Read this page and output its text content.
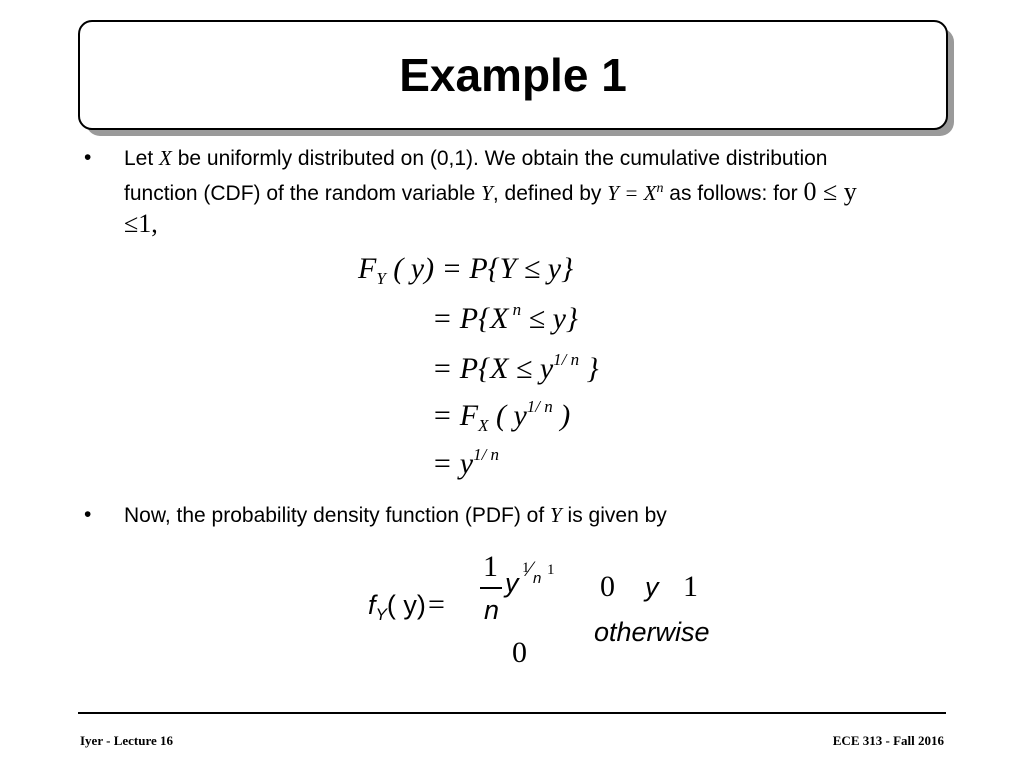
Example 1
• Let X be uniformly distributed on (0,1). We obtain the cumulative distribution function (CDF) of the random variable Y, defined by $Y = X^n$ as follows: for 0 ≤ y ≤1,
$F_Y$ ( y) = P{Y ≤ y}
= P{X $^n$ ≤ y}
= $P\{X \le y^{1/ n}$ }
= $F_X$ ( $y^{1/ n}$ )
= $y^{1/ n}$
• Now, the probability density function (PDF) of Y is given by
$f_Y$( y) =
1
n
y 1
⁄ n 1 0 y 1
0
otherwise
Iyer - Lecture 16	ECE 313 - Fall 2016
